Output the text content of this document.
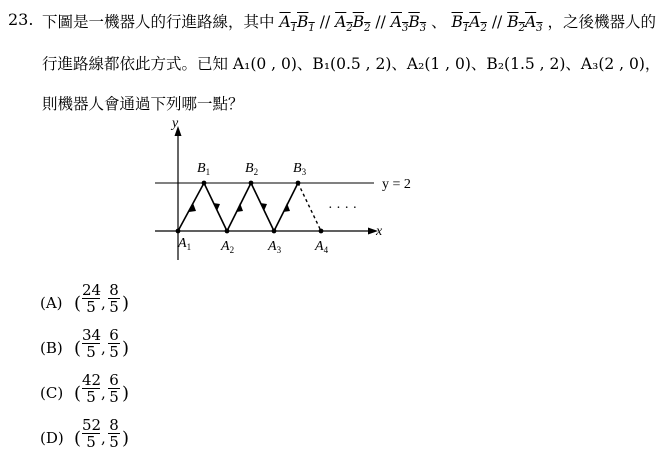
23. 下圖是一機器人的行進路線，其中 $A_1B_1 // A_2B_2 // A_3B_3$ 、 $B_1A_2 // B_2A_3$ ，之後機器人的
行進路線都依此方式。已知 A₁(0 , 0)、B₁(0.5 , 2)、A₂(1 , 0)、B₂(1.5 , 2)、A₃(2 , 0)，
則機器人會通過下列哪一點？
y
x
y = 2
· · · ·
$B_1$ $B_2$ $B_3$
$A_1$ $A_2$ $A_3$ $A_4$
(A) ( $\frac{24}{5}$ , $\frac{8}{5}$ )
(B) ( $\frac{34}{5}$ , $\frac{6}{5}$ )
(C) ( $\frac{42}{5}$ , $\frac{6}{5}$ )
(D) ( $\frac{52}{5}$ , $\frac{8}{5}$ )
